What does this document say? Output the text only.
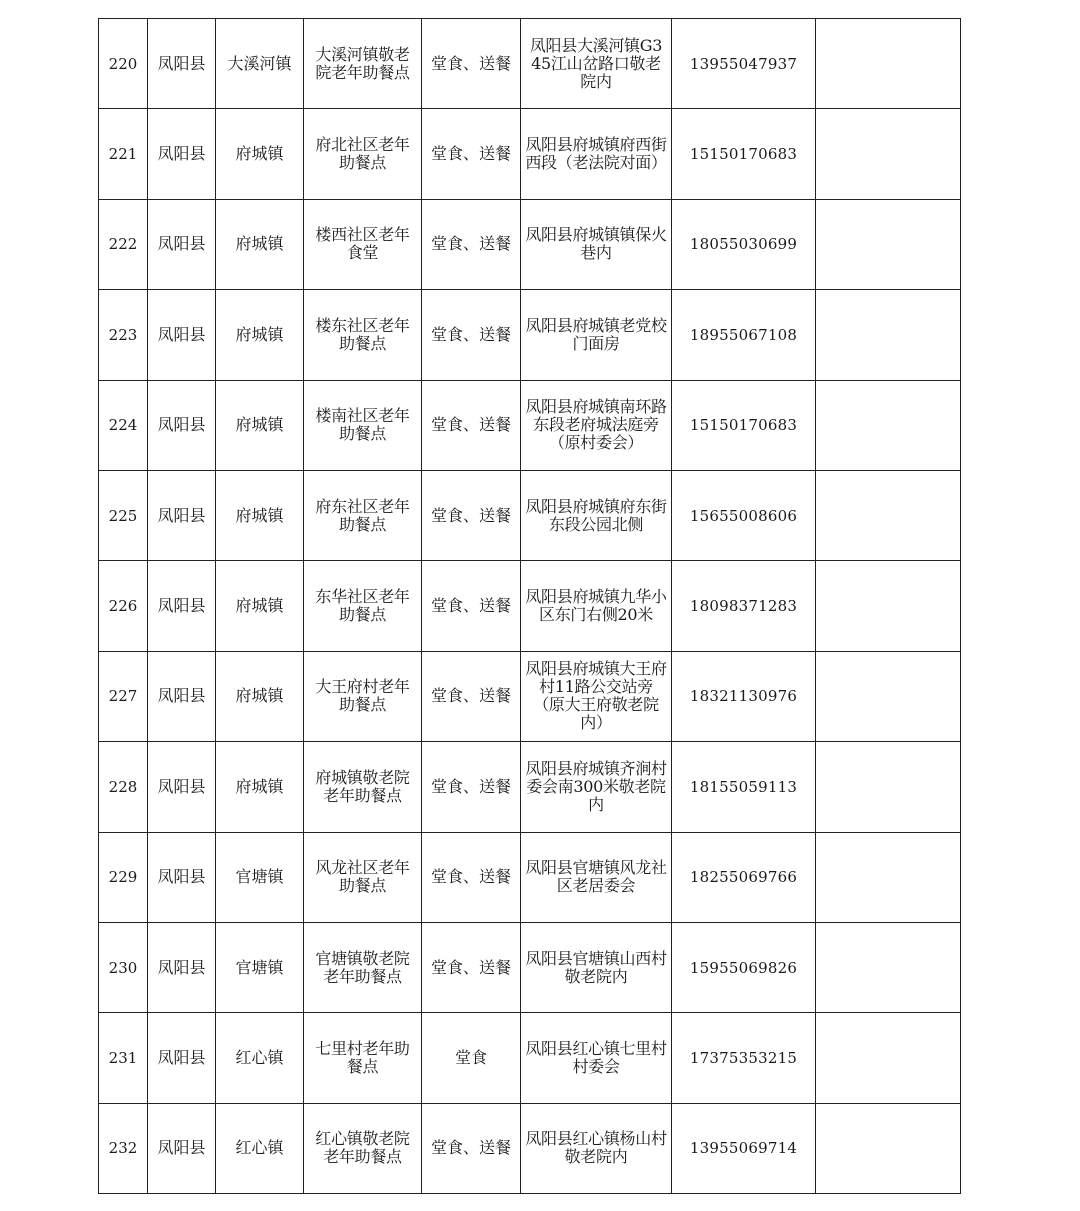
220	凤阳县	大溪河镇	大溪河镇敬老院老年助餐点	堂食、送餐	凤阳县大溪河镇G345江山岔路口敬老院内	13955047937	
221	凤阳县	府城镇	府北社区老年助餐点	堂食、送餐	凤阳县府城镇府西街西段（老法院对面）	15150170683	
222	凤阳县	府城镇	楼西社区老年食堂	堂食、送餐	凤阳县府城镇镇保火巷内	18055030699	
223	凤阳县	府城镇	楼东社区老年助餐点	堂食、送餐	凤阳县府城镇老党校门面房	18955067108	
224	凤阳县	府城镇	楼南社区老年助餐点	堂食、送餐	凤阳县府城镇南环路东段老府城法庭旁（原村委会）	15150170683	
225	凤阳县	府城镇	府东社区老年助餐点	堂食、送餐	凤阳县府城镇府东街东段公园北侧	15655008606	
226	凤阳县	府城镇	东华社区老年助餐点	堂食、送餐	凤阳县府城镇九华小区东门右侧20米	18098371283	
227	凤阳县	府城镇	大王府村老年助餐点	堂食、送餐	凤阳县府城镇大王府村11路公交站旁（原大王府敬老院内）	18321130976	
228	凤阳县	府城镇	府城镇敬老院老年助餐点	堂食、送餐	凤阳县府城镇齐涧村委会南300米敬老院内	18155059113	
229	凤阳县	官塘镇	风龙社区老年助餐点	堂食、送餐	凤阳县官塘镇风龙社区老居委会	18255069766	
230	凤阳县	官塘镇	官塘镇敬老院老年助餐点	堂食、送餐	凤阳县官塘镇山西村敬老院内	15955069826	
231	凤阳县	红心镇	七里村老年助餐点	堂食	凤阳县红心镇七里村村委会	17375353215	
232	凤阳县	红心镇	红心镇敬老院老年助餐点	堂食、送餐	凤阳县红心镇杨山村敬老院内	13955069714	
